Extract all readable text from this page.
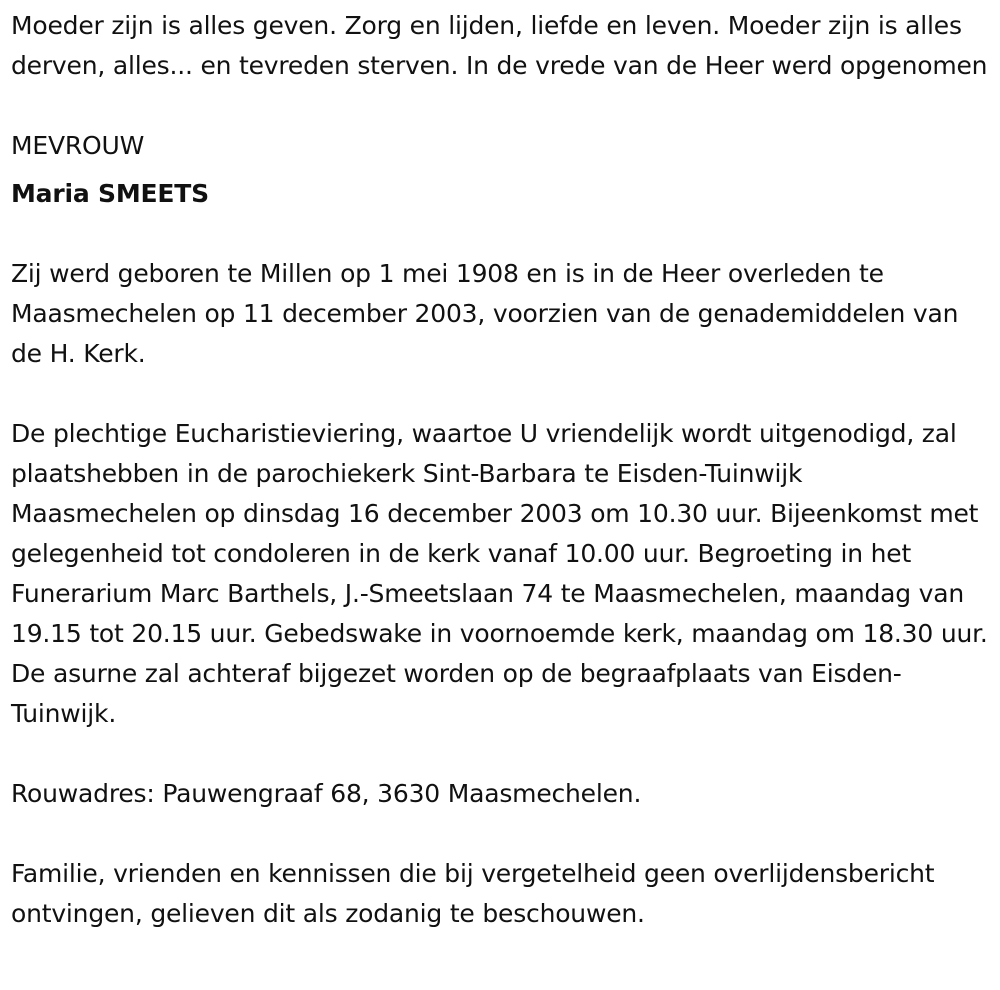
Moeder zijn is alles geven. Zorg en lijden, liefde en leven. Moeder zijn is alles derven, alles... en tevreden sterven. In de vrede van de Heer werd opgenomen

MEVROUW

Maria SMEETS

Zij werd geboren te Millen op 1 mei 1908 en is in de Heer overleden te Maasmechelen op 11 december 2003, voorzien van de genademiddelen van de H. Kerk.

De plechtige Eucharistieviering, waartoe U vriendelijk wordt uitgenodigd, zal plaatshebben in de parochiekerk Sint-Barbara te Eisden-Tuinwijk Maasmechelen op dinsdag 16 december 2003 om 10.30 uur. Bijeenkomst met gelegenheid tot condoleren in de kerk vanaf 10.00 uur. Begroeting in het Funerarium Marc Barthels, J.-Smeetslaan 74 te Maasmechelen, maandag van 19.15 tot 20.15 uur. Gebedswake in voornoemde kerk, maandag om 18.30 uur. De asurne zal achteraf bijgezet worden op de begraafplaats van Eisden-Tuinwijk.

Rouwadres: Pauwengraaf 68, 3630 Maasmechelen.

Familie, vrienden en kennissen die bij vergetelheid geen overlijdensbericht ontvingen, gelieven dit als zodanig te beschouwen.
